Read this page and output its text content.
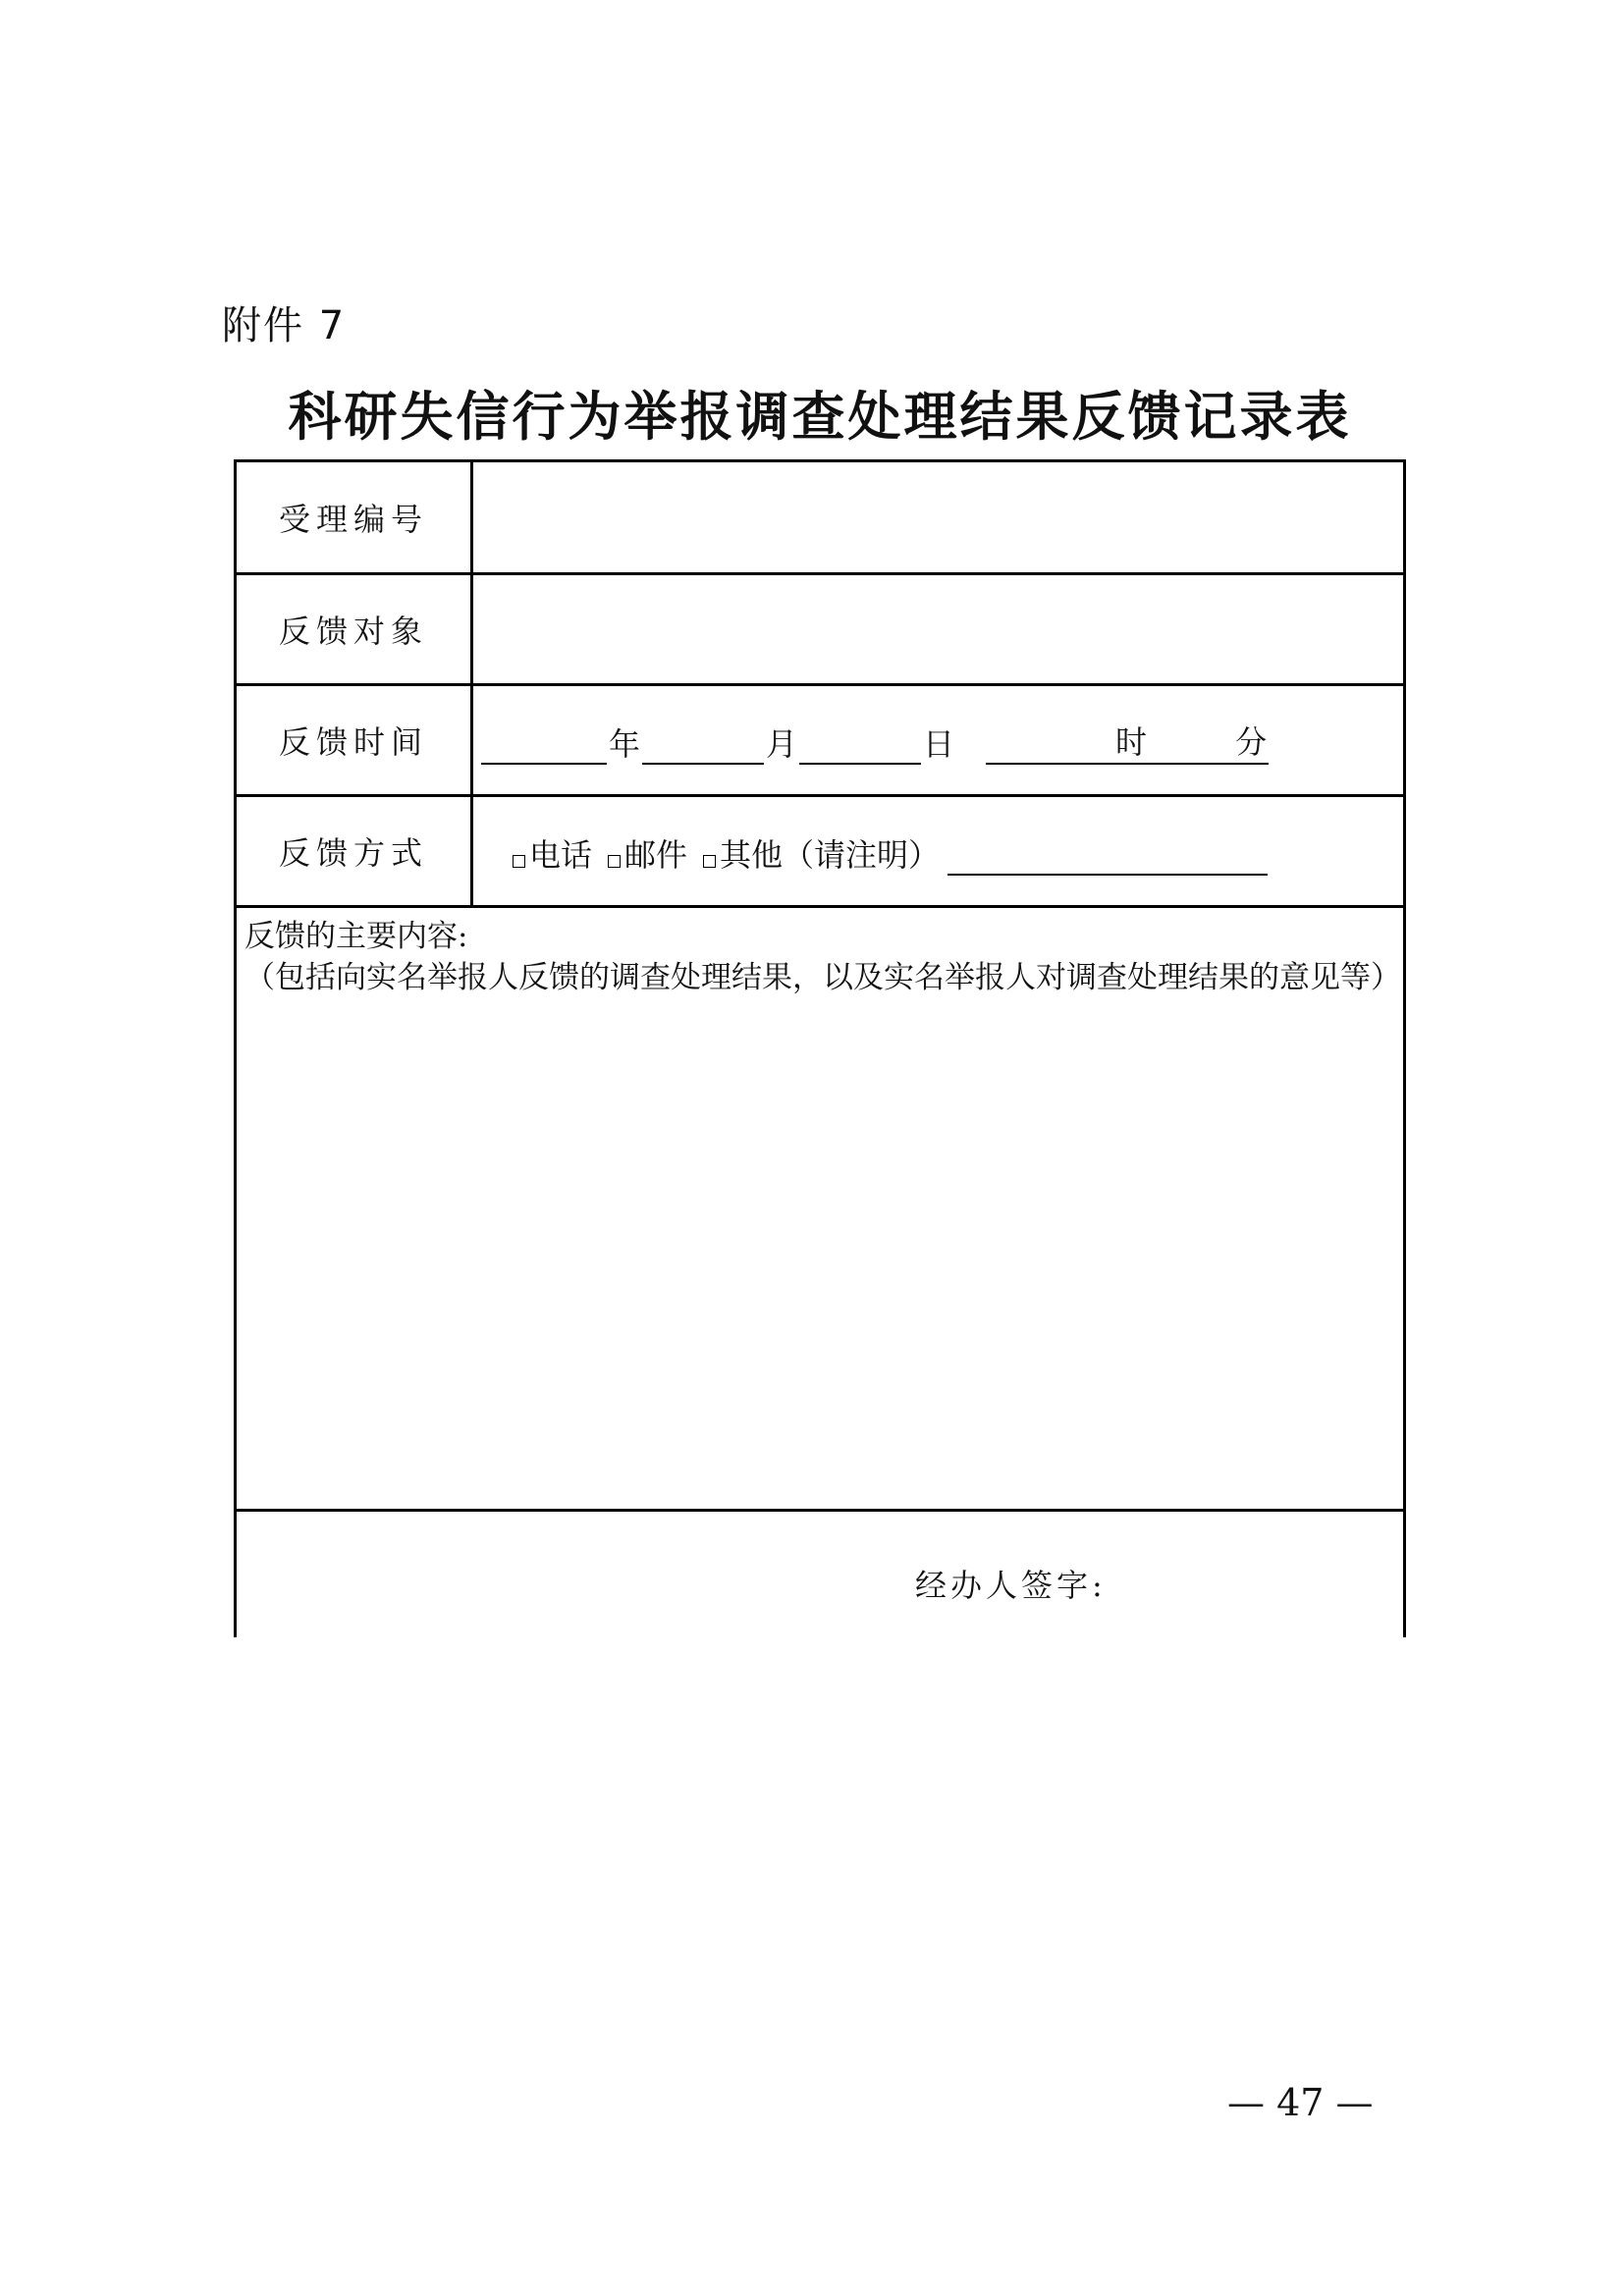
附件 7
科研失信行为举报调查处理结果反馈记录表
受理编号
反馈对象
反馈时间	年	月	日	时	分
反馈方式	电话 邮件 其他（请注明）
反馈的主要内容:
（包括向实名举报人反馈的调查处理结果，以及实名举报人对调查处理结果的意见等）
经办人签字:
— 47 —
